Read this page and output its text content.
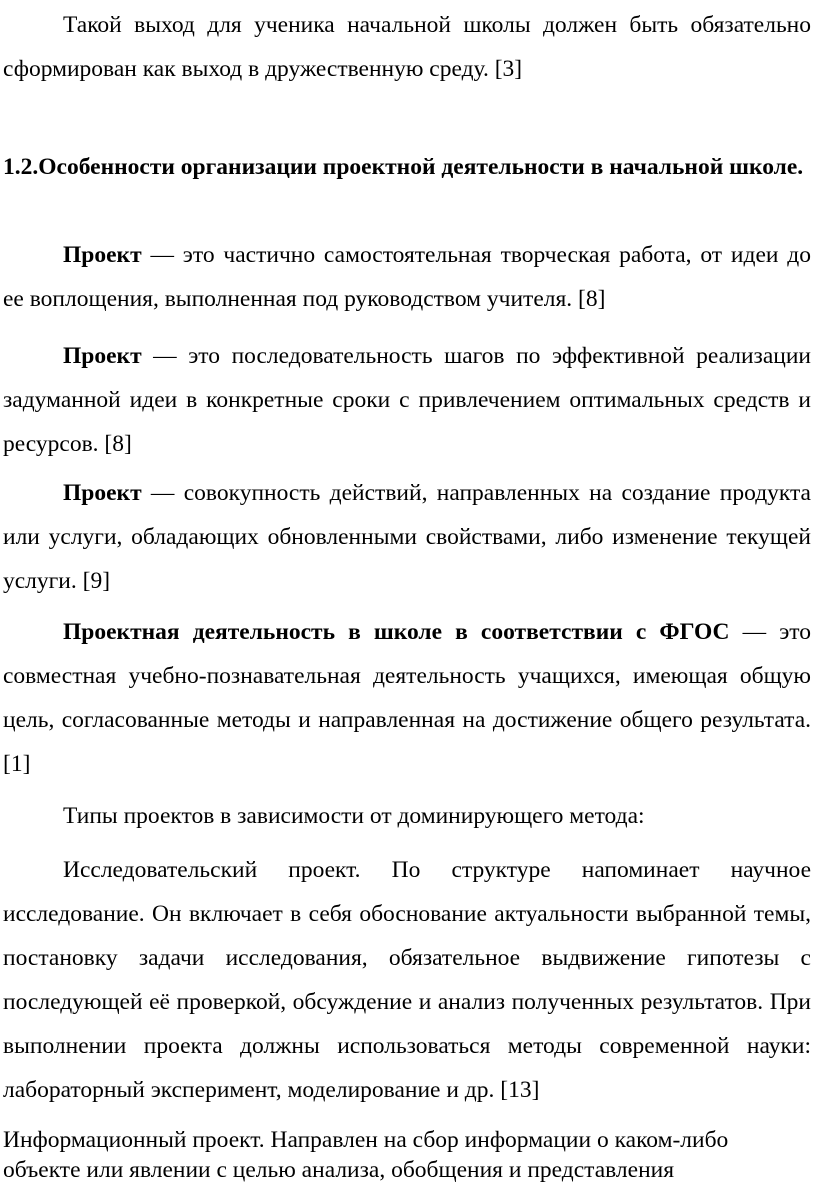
Такой выход для ученика начальной школы должен быть обязательно сформирован как выход в дружественную среду. [3]

1.2.Особенности организации проектной деятельности в начальной школе.

Проект — это частично самостоятельная творческая работа, от идеи до ее воплощения, выполненная под руководством учителя. [8]

Проект — это последовательность шагов по эффективной реализации задуманной идеи в конкретные сроки с привлечением оптимальных средств и ресурсов. [8]

Проект — совокупность действий, направленных на создание продукта или услуги, обладающих обновленными свойствами, либо изменение текущей услуги. [9]

Проектная деятельность в школе в соответствии с ФГОС — это совместная учебно-познавательная деятельность учащихся, имеющая общую цель, согласованные методы и направленная на достижение общего результата. [1]

Типы проектов в зависимости от доминирующего метода:

Исследовательский проект. По структуре напоминает научное исследование. Он включает в себя обоснование актуальности выбранной темы, постановку задачи исследования, обязательное выдвижение гипотезы с последующей её проверкой, обсуждение и анализ полученных результатов. При выполнении проекта должны использоваться методы современной науки: лабораторный эксперимент, моделирование и др. [13]

Информационный проект. Направлен на сбор информации о каком-либо объекте или явлении с целью анализа, обобщения и представления
